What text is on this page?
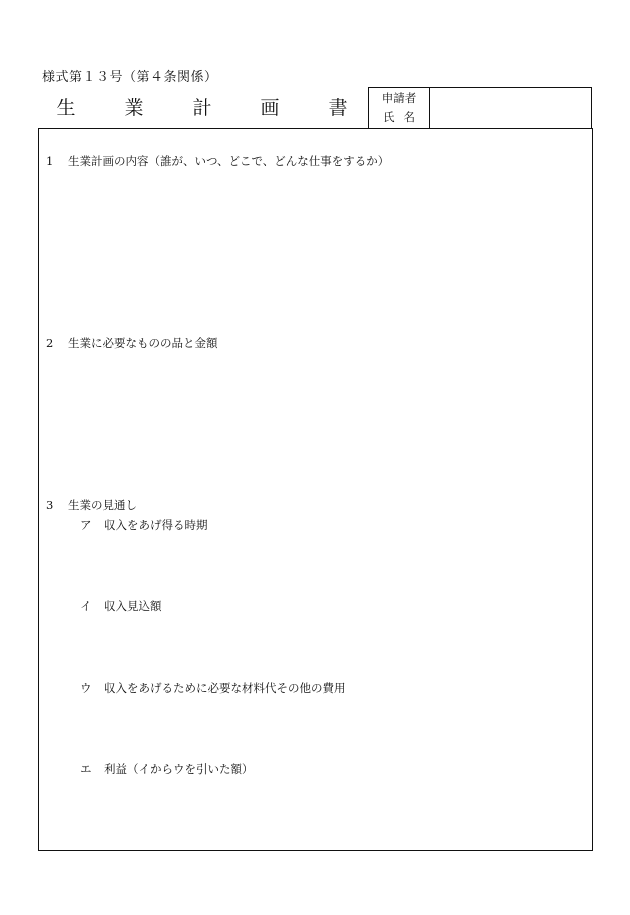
様式第１３号（第４条関係）
生	業	計	画	書	申請者
氏名
1 生業計画の内容（誰が、いつ、どこで、どんな仕事をするか）
2 生業に必要なものの品と金額
3 生業の見通し
ア 収入をあげ得る時期
イ 収入見込額
ウ 収入をあげるために必要な材料代その他の費用
エ 利益（イからウを引いた額）
